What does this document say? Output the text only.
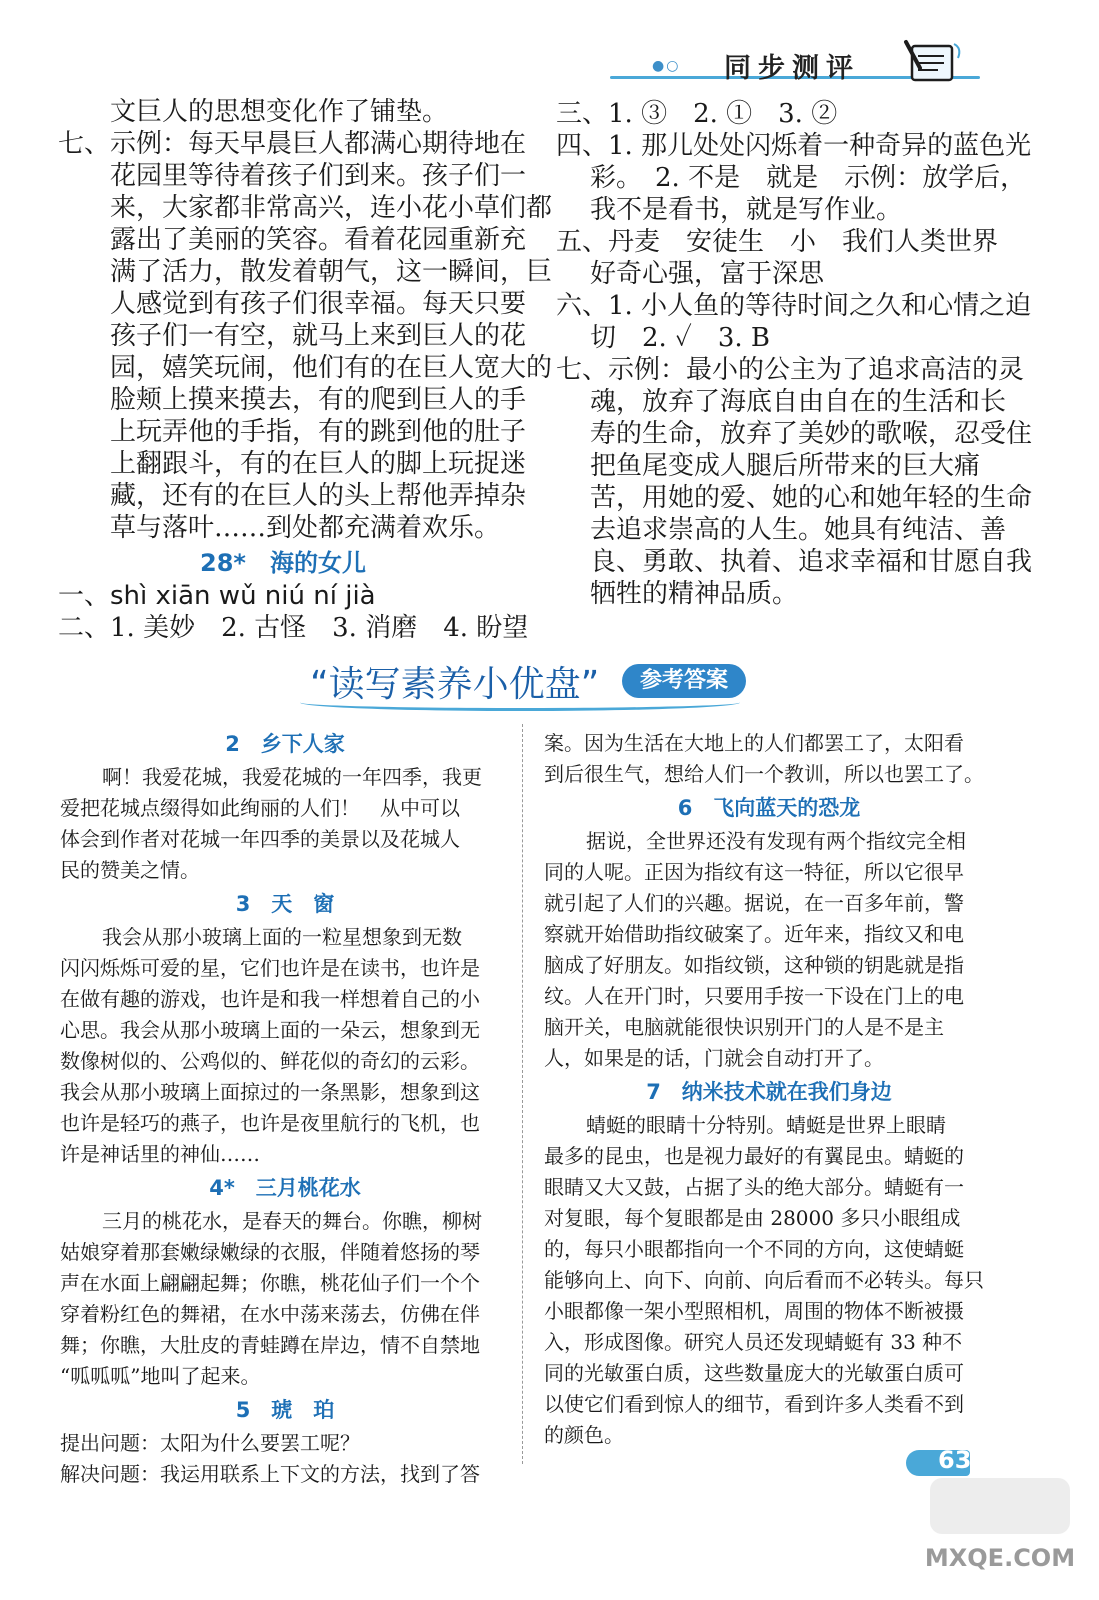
●○ 同步测评

文巨人的思想变化作了铺垫。

七、示例：每天早晨巨人都满心期待地在

花园里等待着孩子们到来。孩子们一

来，大家都非常高兴，连小花小草们都

露出了美丽的笑容。看着花园重新充

满了活力，散发着朝气，这一瞬间，巨

人感觉到有孩子们很幸福。每天只要

孩子们一有空，就马上来到巨人的花

园，嬉笑玩闹，他们有的在巨人宽大的

脸颊上摸来摸去，有的爬到巨人的手

上玩弄他的手指，有的跳到他的肚子

上翻跟斗，有的在巨人的脚上玩捉迷

藏，还有的在巨人的头上帮他弄掉杂

草与落叶……到处都充满着欢乐。

28*　海的女儿

一、shì xiān wǔ niú ní jià

二、1. 美妙　2. 古怪　3. 消磨　4. 盼望

三、1. ③　2. ①　3. ②

四、1. 那儿处处闪烁着一种奇异的蓝色光

彩。　2. 不是　就是　示例：放学后，

我不是看书，就是写作业。

五、丹麦　安徒生　小　我们人类世界

好奇心强，富于深思

六、1. 小人鱼的等待时间之久和心情之迫

切　2. ✓　3. B

七、示例：最小的公主为了追求高洁的灵

魂，放弃了海底自由自在的生活和长

寿的生命，放弃了美妙的歌喉，忍受住

把鱼尾变成人腿后所带来的巨大痛

苦，用她的爱、她的心和她年轻的生命

去追求崇高的人生。她具有纯洁、善

良、勇敢、执着、追求幸福和甘愿自我

牺牲的精神品质。

“读写素养小优盘”	参考答案

2　乡下人家

啊！我爱花城，我爱花城的一年四季，我更

爱把花城点缀得如此绚丽的人们！　从中可以

体会到作者对花城一年四季的美景以及花城人

民的赞美之情。

3　天　窗

我会从那小玻璃上面的一粒星想象到无数

闪闪烁烁可爱的星，它们也许是在读书，也许是

在做有趣的游戏，也许是和我一样想着自己的小

心思。我会从那小玻璃上面的一朵云，想象到无

数像树似的、公鸡似的、鲜花似的奇幻的云彩。

我会从那小玻璃上面掠过的一条黑影，想象到这

也许是轻巧的燕子，也许是夜里航行的飞机，也

许是神话里的神仙……

4*　三月桃花水

三月的桃花水，是春天的舞台。你瞧，柳树

姑娘穿着那套嫩绿嫩绿的衣服，伴随着悠扬的琴

声在水面上翩翩起舞；你瞧，桃花仙子们一个个

穿着粉红色的舞裙，在水中荡来荡去，仿佛在伴

舞；你瞧，大肚皮的青蛙蹲在岸边，情不自禁地

“呱呱呱”地叫了起来。

5　琥　珀

提出问题：太阳为什么要罢工呢？

解决问题：我运用联系上下文的方法，找到了答

案。因为生活在大地上的人们都罢工了，太阳看

到后很生气，想给人们一个教训，所以也罢工了。

6　飞向蓝天的恐龙

据说，全世界还没有发现有两个指纹完全相

同的人呢。正因为指纹有这一特征，所以它很早

就引起了人们的兴趣。据说，在一百多年前，警

察就开始借助指纹破案了。近年来，指纹又和电

脑成了好朋友。如指纹锁，这种锁的钥匙就是指

纹。人在开门时，只要用手按一下设在门上的电

脑开关，电脑就能很快识别开门的人是不是主

人，如果是的话，门就会自动打开了。

7　纳米技术就在我们身边

蜻蜓的眼睛十分特别。蜻蜓是世界上眼睛

最多的昆虫，也是视力最好的有翼昆虫。蜻蜓的

眼睛又大又鼓，占据了头的绝大部分。蜻蜓有一

对复眼，每个复眼都是由 28000 多只小眼组成

的，每只小眼都指向一个不同的方向，这使蜻蜓

能够向上、向下、向前、向后看而不必转头。每只

小眼都像一架小型照相机，周围的物体不断被摄

入，形成图像。研究人员还发现蜻蜓有 33 种不

同的光敏蛋白质，这些数量庞大的光敏蛋白质可

以使它们看到惊人的细节，看到许多人类看不到

的颜色。

63
MXQE.COM
